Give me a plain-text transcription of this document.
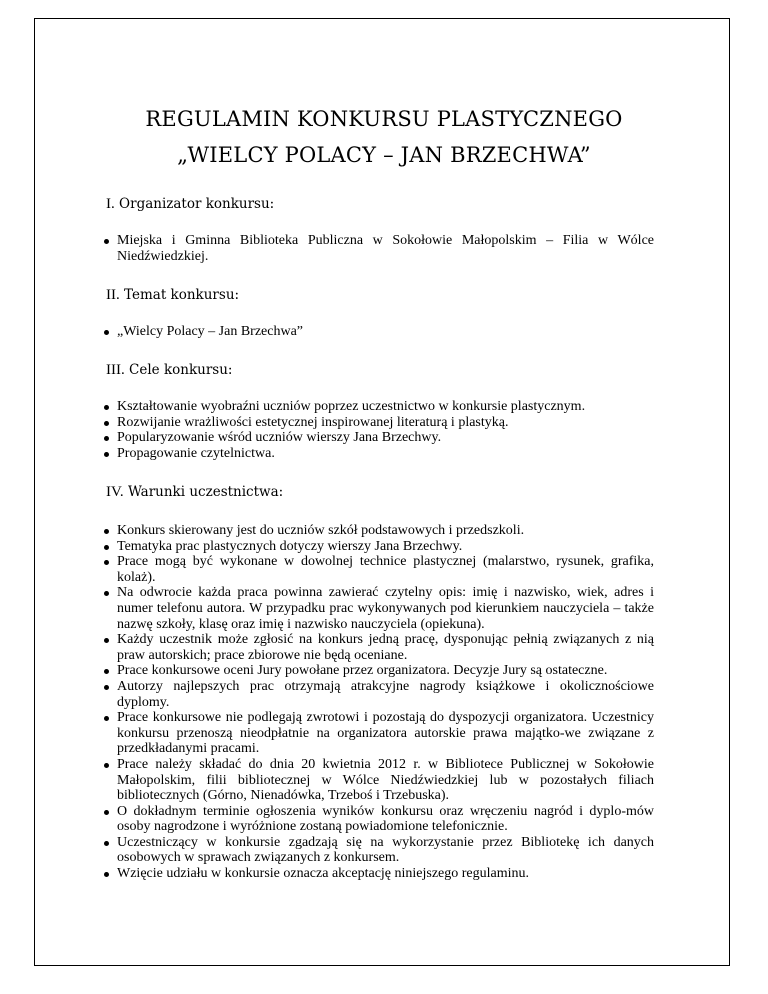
REGULAMIN KONKURSU PLASTYCZNEGO
„WIELCY POLACY – JAN BRZECHWA”
I. Organizator konkursu:
Miejska i Gminna Biblioteka Publiczna w Sokołowie Małopolskim – Filia w Wólce Niedźwiedzkiej.
II. Temat konkursu:
„Wielcy Polacy – Jan Brzechwa”
III. Cele konkursu:
Kształtowanie wyobraźni uczniów poprzez uczestnictwo w konkursie plastycznym.
Rozwijanie wrażliwości estetycznej inspirowanej literaturą i plastyką.
Popularyzowanie wśród uczniów wierszy Jana Brzechwy.
Propagowanie czytelnictwa.
IV. Warunki uczestnictwa:
Konkurs skierowany jest do uczniów szkół podstawowych i przedszkoli.
Tematyka prac plastycznych dotyczy wierszy Jana Brzechwy.
Prace mogą być wykonane w dowolnej technice plastycznej (malarstwo, rysunek, grafika, kolaż).
Na odwrocie każda praca powinna zawierać czytelny opis: imię i nazwisko, wiek, adres i numer telefonu autora. W przypadku prac wykonywanych pod kierunkiem nauczyciela – także nazwę szkoły, klasę oraz imię i nazwisko nauczyciela (opiekuna).
Każdy uczestnik może zgłosić na konkurs jedną pracę, dysponując pełnią związanych z nią praw autorskich; prace zbiorowe nie będą oceniane.
Prace konkursowe oceni Jury powołane przez organizatora. Decyzje Jury są ostateczne.
Autorzy najlepszych prac otrzymają atrakcyjne nagrody książkowe i okolicznościowe dyplomy.
Prace konkursowe nie podlegają zwrotowi i pozostają do dyspozycji organizatora. Uczestnicy konkursu przenoszą nieodpłatnie na organizatora autorskie prawa majątko-we związane z przedkładanymi pracami.
Prace należy składać do dnia 20 kwietnia 2012 r. w Bibliotece Publicznej w Sokołowie Małopolskim, filii bibliotecznej w Wólce Niedźwiedzkiej lub w pozostałych filiach bibliotecznych (Górno, Nienadówka, Trzeboś i Trzebuska).
O dokładnym terminie ogłoszenia wyników konkursu oraz wręczeniu nagród i dyplo-mów osoby nagrodzone i wyróżnione zostaną powiadomione telefonicznie.
Uczestniczący w konkursie zgadzają się na wykorzystanie przez Bibliotekę ich danych osobowych w sprawach związanych z konkursem.
Wzięcie udziału w konkursie oznacza akceptację niniejszego regulaminu.
